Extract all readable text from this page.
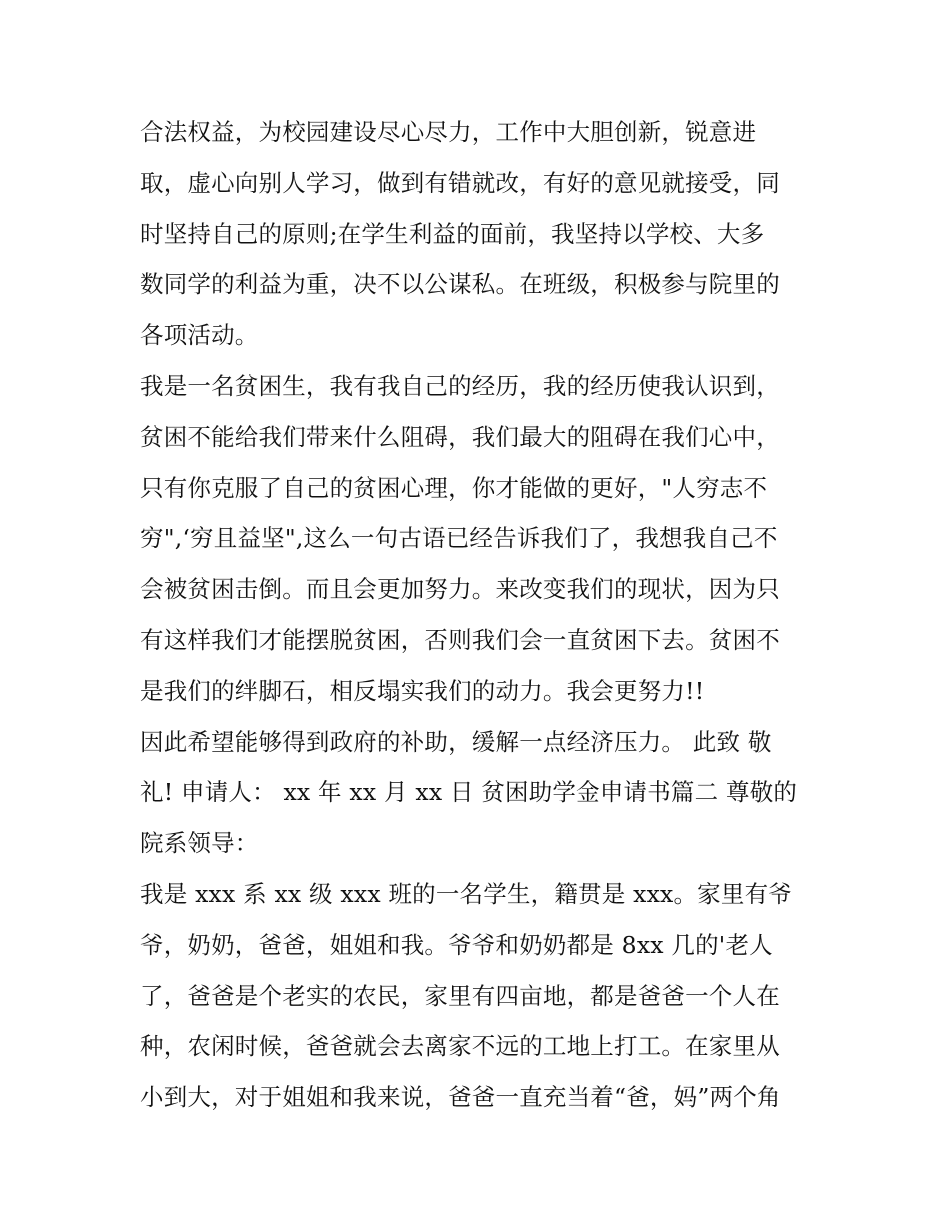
合法权益，为校园建设尽心尽力，工作中大胆创新，锐意进
取，虚心向别人学习，做到有错就改，有好的意见就接受，同
时坚持自己的原则;在学生利益的面前，我坚持以学校、大多
数同学的利益为重，决不以公谋私。在班级，积极参与院里的
各项活动。
我是一名贫困生，我有我自己的经历，我的经历使我认识到，
贫困不能给我们带来什么阻碍，我们最大的阻碍在我们心中，
只有你克服了自己的贫困心理，你才能做的更好，"人穷志不
穷",‘穷且益坚",这么一句古语已经告诉我们了，我想我自己不
会被贫困击倒。而且会更加努力。来改变我们的现状，因为只
有这样我们才能摆脱贫困，否则我们会一直贫困下去。贫困不
是我们的绊脚石，相反塌实我们的动力。我会更努力!!
因此希望能够得到政府的补助，缓解一点经济压力。 此致 敬
礼! 申请人： xx 年 xx 月 xx 日 贫困助学金申请书篇二 尊敬的
院系领导：
我是 xxx 系 xx 级 xxx 班的一名学生，籍贯是 xxx。家里有爷
爷，奶奶，爸爸，姐姐和我。爷爷和奶奶都是 8xx 几的'老人
了，爸爸是个老实的农民，家里有四亩地，都是爸爸一个人在
种，农闲时候，爸爸就会去离家不远的工地上打工。在家里从
小到大，对于姐姐和我来说，爸爸一直充当着“爸，妈”两个角
